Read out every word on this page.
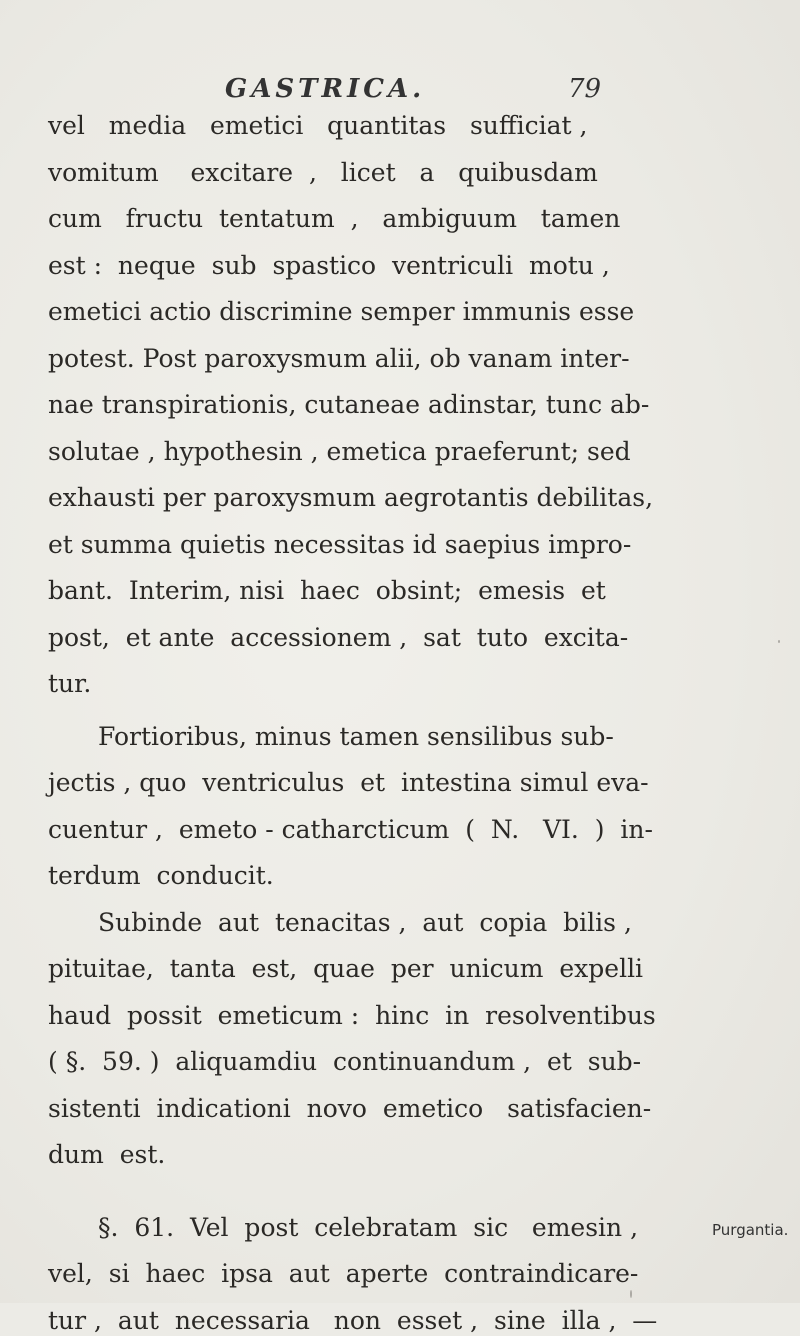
GASTRICA.	79
vel   media   emetici   quantitas   sufficiat ,
vomitum    excitare  ,   licet   a   quibusdam
cum   fructu  tentatum  ,   ambiguum   tamen
est :  neque  sub  spastico  ventriculi  motu ,
emetici actio discrimine semper immunis esse
potest. Post paroxysmum alii, ob vanam inter-
nae transpirationis, cutaneae adinstar, tunc ab-
solutae , hypothesin , emetica praeferunt; sed
exhausti per paroxysmum aegrotantis debilitas,
et summa quietis necessitas id saepius impro-
bant.  Interim, nisi  haec  obsint;  emesis  et
post,  et ante  accessionem ,  sat  tuto  excita-
tur.
Fortioribus, minus tamen sensilibus sub-
jectis , quo  ventriculus  et  intestina simul eva-
cuentur ,  emeto - catharcticum  (  N.   VI.  )  in-
terdum  conducit.
Subinde  aut  tenacitas ,  aut  copia  bilis ,
pituitae,  tanta  est,  quae  per  unicum  expelli
haud  possit  emeticum :  hinc  in  resolventibus
( §.  59. )  aliquamdiu  continuandum ,  et  sub-
sistenti  indicationi  novo  emetico   satisfacien-
dum  est.
§.  61.  Vel  post  celebratam  sic   emesin ,
vel,  si  haec  ipsa  aut  aperte  contraindicare-
tur ,  aut  necessaria   non  esset ,  sine  illa ,  —
Purgantia.
